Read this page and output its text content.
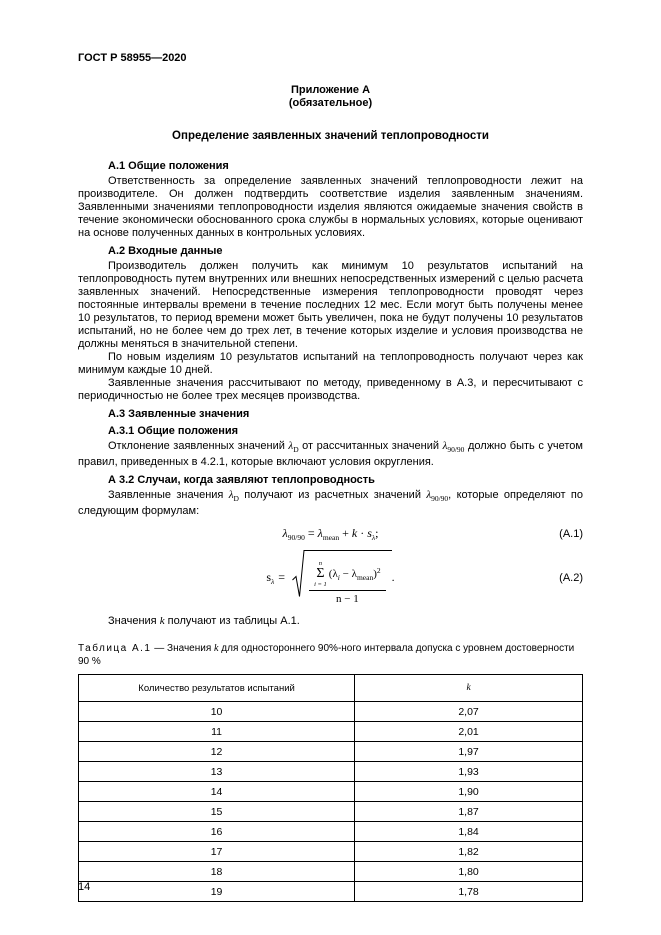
ГОСТ Р 58955—2020
Приложение А
(обязательное)
Определение заявленных значений теплопроводности
А.1 Общие положения

Ответственность за определение заявленных значений теплопроводности лежит на производителе. Он должен подтвердить соответствие изделия заявленным значениям. Заявленными значениями теплопроводности изделия являются ожидаемые значения свойств в течение экономически обоснованного срока службы в нормальных условиях, которые оценивают на основе полученных данных в контрольных условиях.

А.2 Входные данные

Производитель должен получить как минимум 10 результатов испытаний на теплопроводность путем внутренних или внешних непосредственных измерений с целью расчета заявленных значений. Непосредственные измерения теплопроводности проводят через постоянные интервалы времени в течение последних 12 мес. Если могут быть получены менее 10 результатов, то период времени может быть увеличен, пока не будут получены 10 результатов испытаний, но не более чем до трех лет, в течение которых изделие и условия производства не должны меняться в значительной степени.

По новым изделиям 10 результатов испытаний на теплопроводность получают через как минимум каждые 10 дней.

Заявленные значения рассчитывают по методу, приведенному в А.3, и пересчитывают с периодичностью не более трех месяцев производства.

А.3 Заявленные значения
А.3.1 Общие положения

Отклонение заявленных значений $\lambda_D$ от рассчитанных значений $\lambda_{90/90}$ должно быть с учетом правил, приведенных в 4.2.1, которые включают условия округления.

А 3.2 Случаи, когда заявляют теплопроводность

Заявленные значения $\lambda_D$ получают из расчетных значений $\lambda_{90/90}$, которые определяют по следующим формулам:

$\lambda_{90/90} = \lambda_{mean} + k \cdot s_\lambda$;	(А.1)
$s_\lambda$ =
n
Σ
i = 1
$(\lambda_i - \lambda_{mean})^2$
n − 1
.	(А.2)

Значения k получают из таблицы А.1.

Таблица А.1 — Значения k для одностороннего 90%-ного интервала допуска с уровнем достоверности 90 %

Количество результатов испытаний	k
10	2,07
11	2,01
12	1,97
13	1,93
14	1,90
15	1,87
16	1,84
17	1,82
18	1,80
19	1,78
14
